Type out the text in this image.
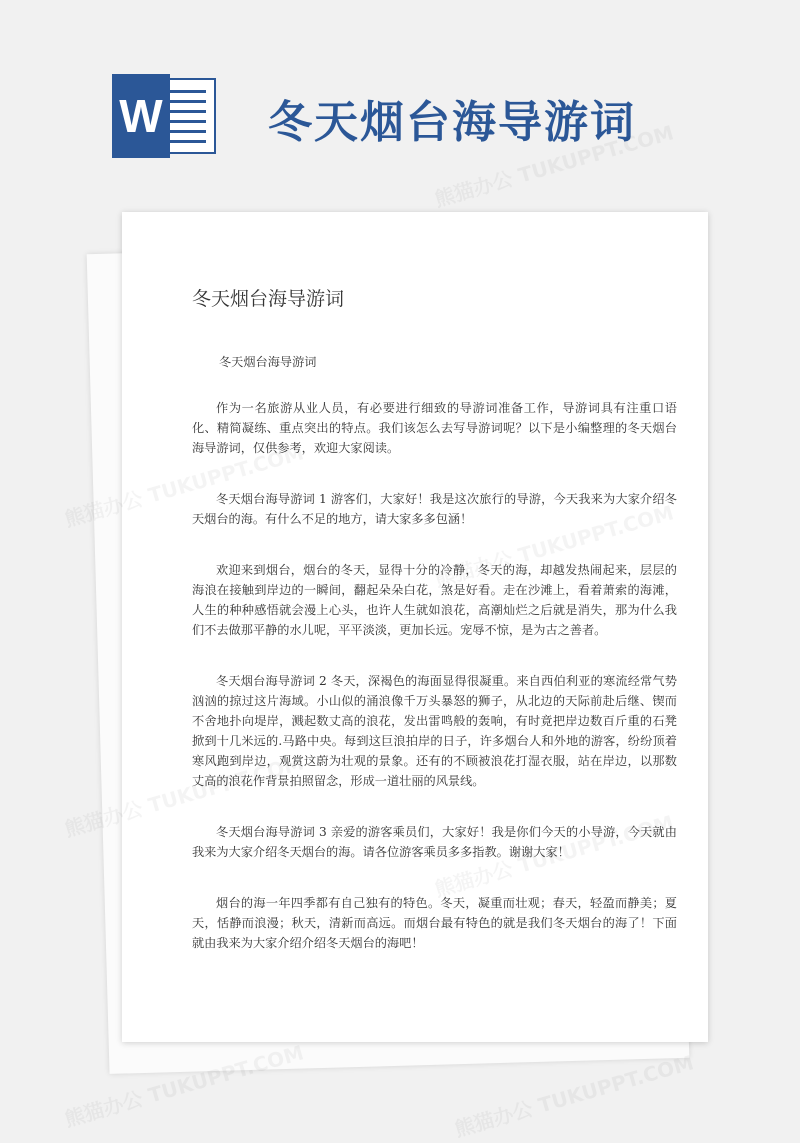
W 冬天烟台海导游词
冬天烟台海导游词

冬天烟台海导游词

作为一名旅游从业人员，有必要进行细致的导游词准备工作，导游词具有注重口语化、精简凝练、重点突出的特点。我们该怎么去写导游词呢？以下是小编整理的冬天烟台海导游词，仅供参考，欢迎大家阅读。

冬天烟台海导游词 1 游客们，大家好！我是这次旅行的导游，今天我来为大家介绍冬天烟台的海。有什么不足的地方，请大家多多包涵！

欢迎来到烟台，烟台的冬天，显得十分的冷静，冬天的海，却越发热闹起来，层层的海浪在接触到岸边的一瞬间，翻起朵朵白花，煞是好看。走在沙滩上，看着萧索的海滩，人生的种种感悟就会漫上心头，也许人生就如浪花，高潮灿烂之后就是消失，那为什么我们不去做那平静的水儿呢，平平淡淡，更加长远。宠辱不惊，是为古之善者。

冬天烟台海导游词 2 冬天，深褐色的海面显得很凝重。来自西伯利亚的寒流经常气势汹汹的掠过这片海域。小山似的涌浪像千万头暴怒的狮子，从北边的天际前赴后继、锲而不舍地扑向堤岸，溅起数丈高的浪花，发出雷鸣般的轰响，有时竟把岸边数百斤重的石凳掀到十几米远的.马路中央。每到这巨浪拍岸的日子，许多烟台人和外地的游客，纷纷顶着寒风跑到岸边，观赏这蔚为壮观的景象。还有的不顾被浪花打湿衣服，站在岸边，以那数丈高的浪花作背景拍照留念，形成一道壮丽的风景线。

冬天烟台海导游词 3 亲爱的游客乘员们，大家好！我是你们今天的小导游，今天就由我来为大家介绍冬天烟台的海。请各位游客乘员多多指教。谢谢大家！

烟台的海一年四季都有自己独有的特色。冬天，凝重而壮观；春天，轻盈而静美；夏天，恬静而浪漫；秋天，清新而高远。而烟台最有特色的就是我们冬天烟台的海了！下面就由我来为大家介绍介绍冬天烟台的海吧！
